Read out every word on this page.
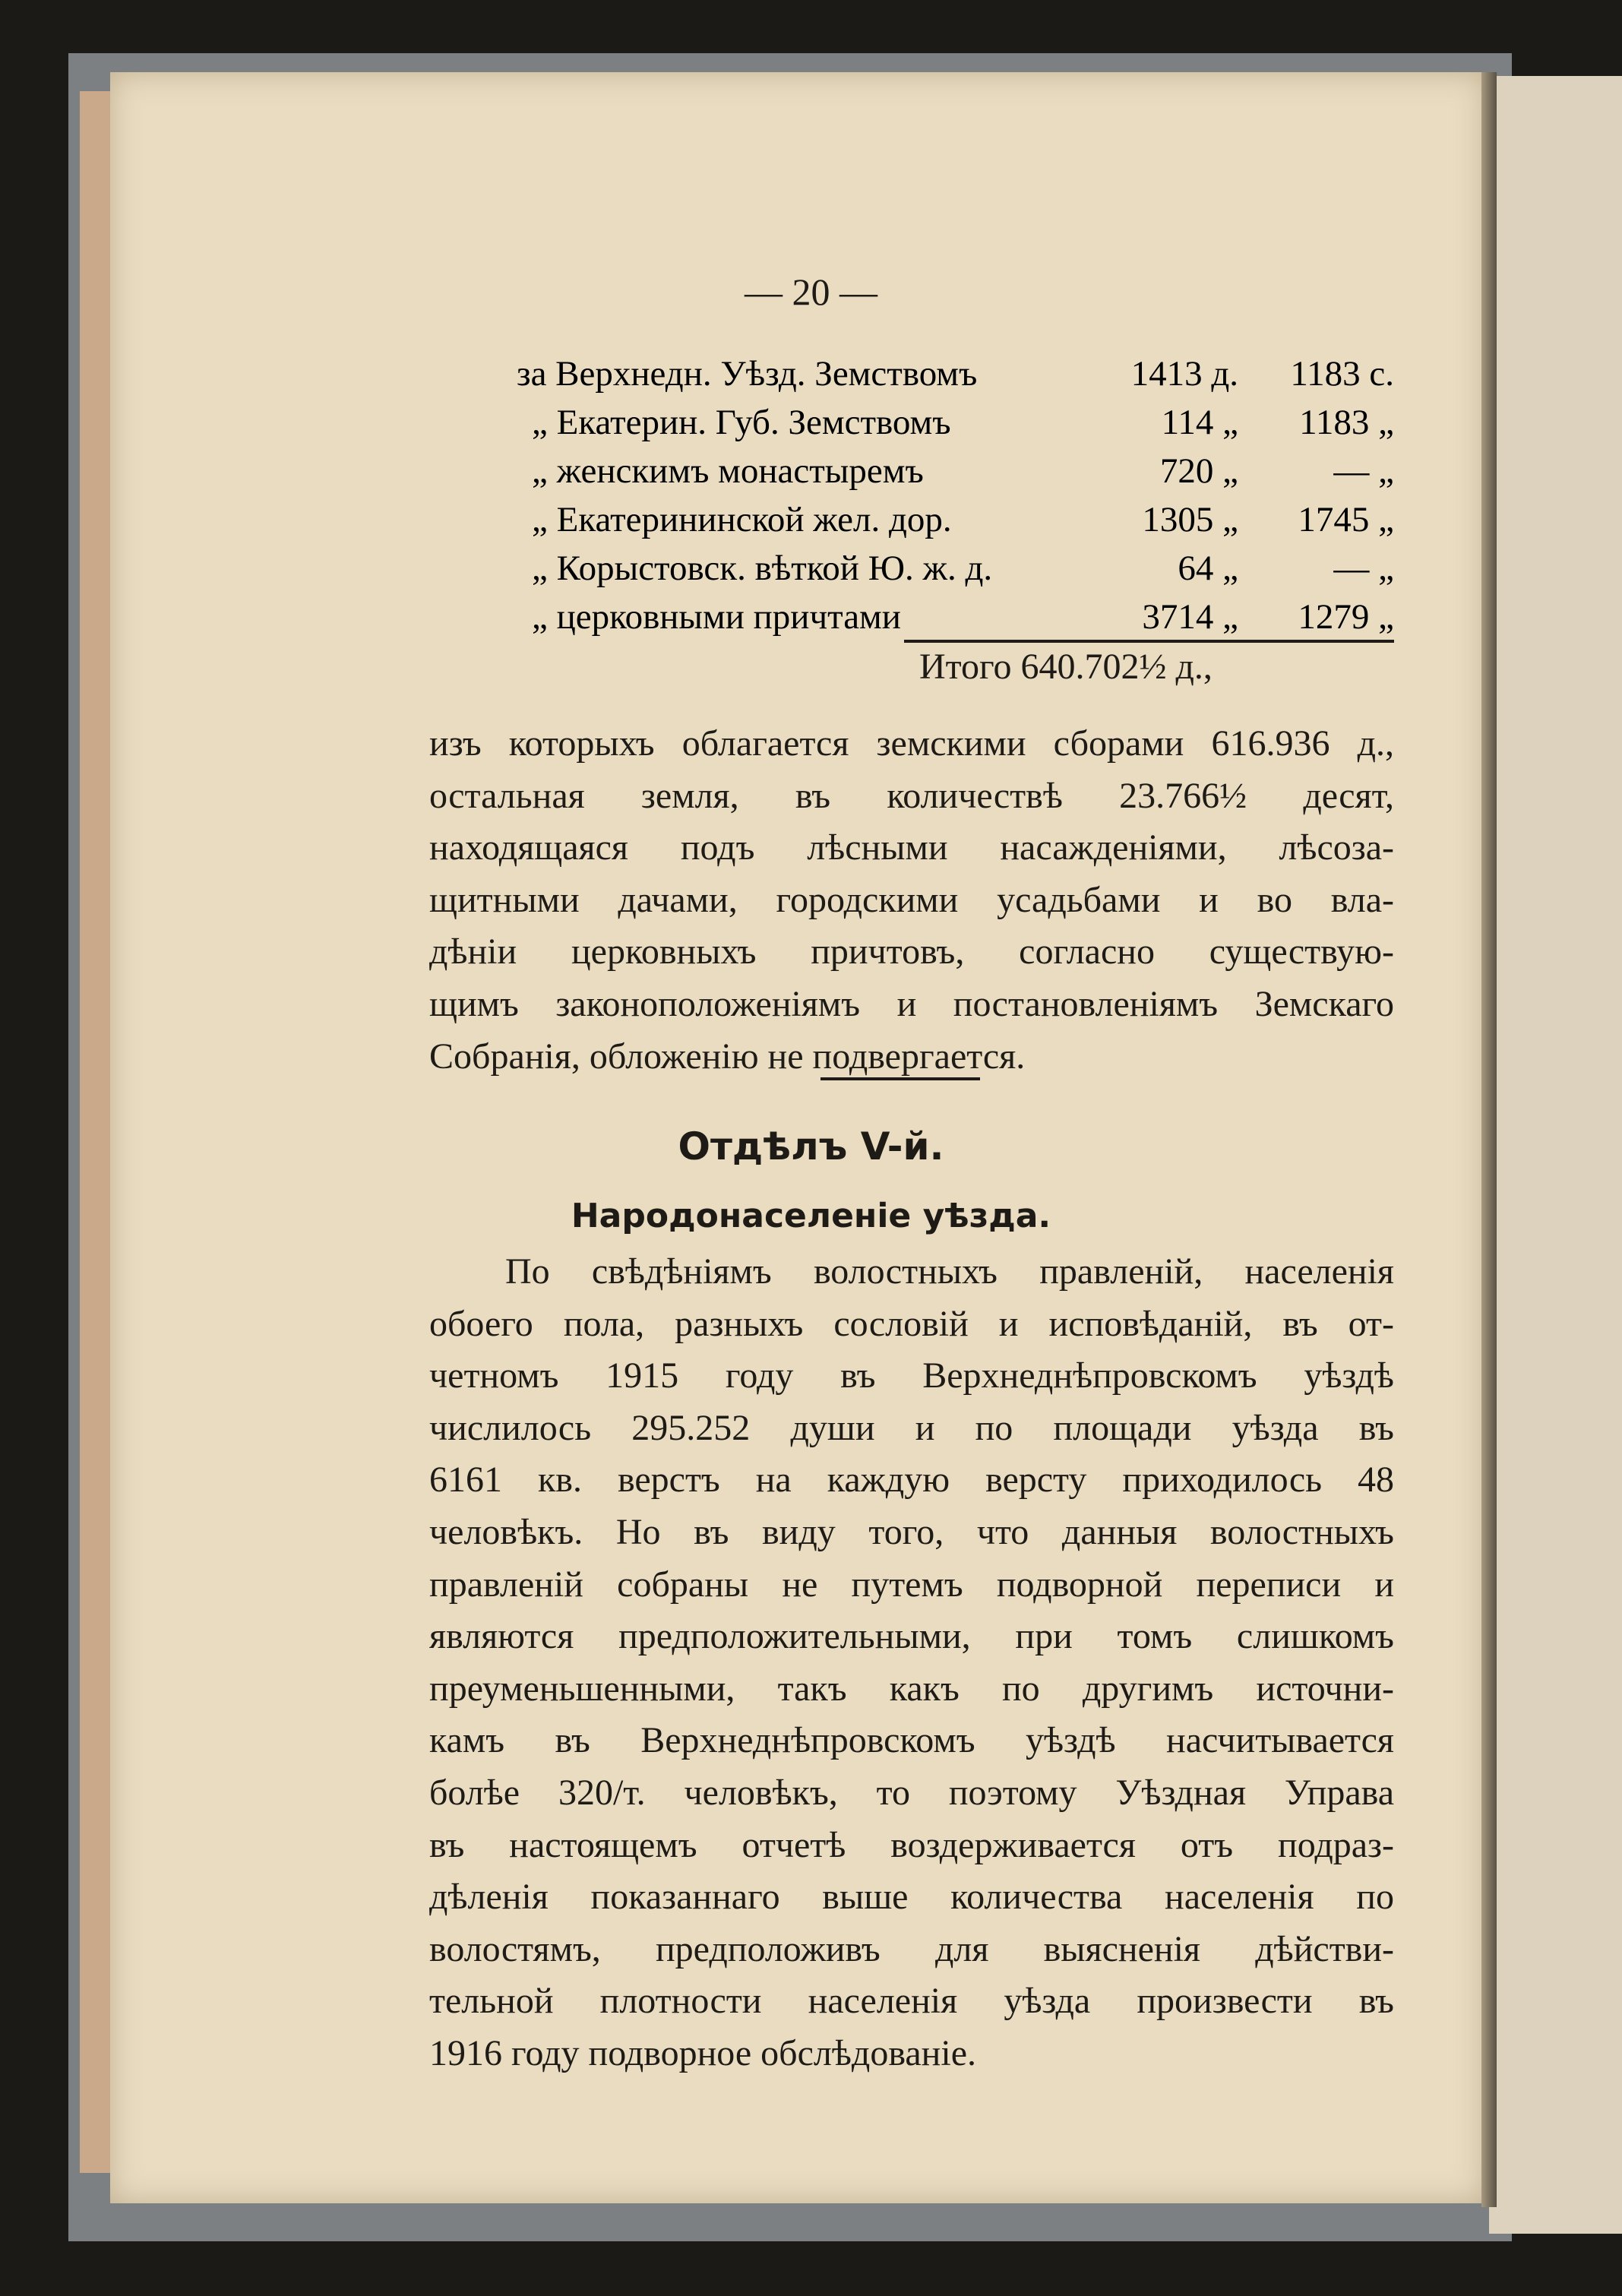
— 20 —
за Верхнедн. Уѣзд. Земствомъ	1413 д.	1183 с.
„ Екатерин. Губ. Земствомъ	114 „	1183 „
„ женскимъ монастыремъ	720 „	— „
„ Екатерининской жел. дор.	1305 „	1745 „
„ Корыстовск. вѣткой Ю. ж. д.	64 „	— „
„ церковными причтами	3714 „	1279 „
Итого 640.702½ д.,
изъ которыхъ облагается земскими сборами 616.936 д.,
остальная земля, въ количествѣ 23.766½ десят,
находящаяся подъ лѣсными насажденіями, лѣсоза-
щитными дачами, городскими усадьбами и во вла-
дѣніи церковныхъ причтовъ, согласно существую-
щимъ законоположеніямъ и постановленіямъ Земскаго
Собранія, обложенію не подвергается.
Отдѣлъ V-й.
Народонаселеніе уѣзда.
По свѣдѣніямъ волостныхъ правленій, населенія
обоего пола, разныхъ сословій и исповѣданій, въ от-
четномъ 1915 году въ Верхнеднѣпровскомъ уѣздѣ
числилось 295.252 души и по площади уѣзда въ
6161 кв. верстъ на каждую версту приходилось 48
человѣкъ. Но въ виду того, что данныя волостныхъ
правленій собраны не путемъ подворной переписи и
являются предположительными, при томъ слишкомъ
преуменьшенными, такъ какъ по другимъ источни-
камъ въ Верхнеднѣпровскомъ уѣздѣ насчитывается
болѣе 320/т. человѣкъ, то поэтому Уѣздная Управа
въ настоящемъ отчетѣ воздерживается отъ подраз-
дѣленія показаннаго выше количества населенія по
волостямъ, предположивъ для выясненія дѣйстви-
тельной плотности населенія уѣзда произвести въ
1916 году подворное обслѣдованіе.
